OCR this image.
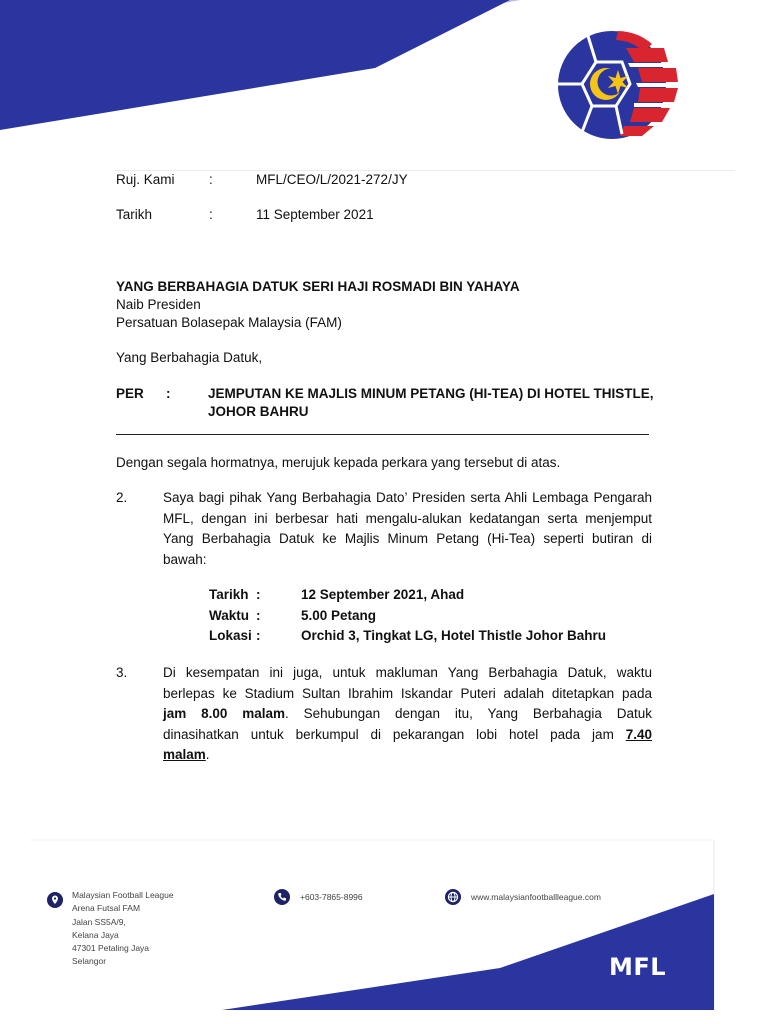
Ruj. Kami	:	MFL/CEO/L/2021-272/JY
Tarikh	:	11 September 2021
YANG BERBAHAGIA DATUK SERI HAJI ROSMADI BIN YAHAYA
Naib Presiden
Persatuan Bolasepak Malaysia (FAM)
Yang Berbahagia Datuk,
PER :	JEMPUTAN KE MAJLIS MINUM PETANG (HI-TEA) DI HOTEL THISTLE,
JOHOR BAHRU
Dengan segala hormatnya, merujuk kepada perkara yang tersebut di atas.
2.	Saya bagi pihak Yang Berbahagia Dato’ Presiden serta Ahli Lembaga Pengarah
MFL, dengan ini berbesar hati mengalu-alukan kedatangan serta menjemput
Yang Berbahagia Datuk ke Majlis Minum Petang (Hi-Tea) seperti butiran di
bawah:
Tarikh :	12 September 2021, Ahad
Waktu :	5.00 Petang
Lokasi :	Orchid 3, Tingkat LG, Hotel Thistle Johor Bahru
3.	Di kesempatan ini juga, untuk makluman Yang Berbahagia Datuk, waktu
berlepas ke Stadium Sultan Ibrahim Iskandar Puteri adalah ditetapkan pada
jam 8.00 malam. Sehubungan dengan itu, Yang Berbahagia Datuk
dinasihatkan untuk berkumpul di pekarangan lobi hotel pada jam 7.40
malam.
Malaysian Football League
Arena Futsal FAM
Jalan SS5A/9,
Kelana Jaya
47301 Petaling Jaya
Selangor
+603-7865-8996	www.malaysianfootballleague.com
MFL
